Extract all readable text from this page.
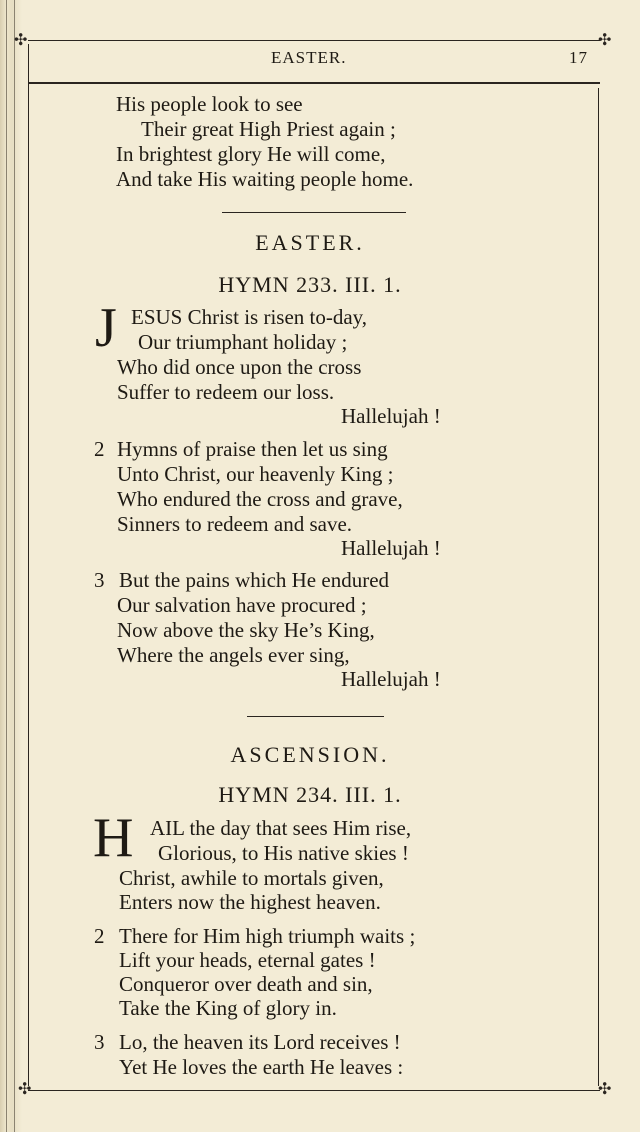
✣	✣
✣	✣
EASTER.	17
His people look to see
Their great High Priest again ;
In brightest glory He will come,
And take His waiting people home.
EASTER.
HYMN 233. III. 1.
J ESUS Christ is risen to-day,
Our triumphant holiday ;
Who did once upon the cross
Suffer to redeem our loss.
Hallelujah !
2 Hymns of praise then let us sing
Unto Christ, our heavenly King ;
Who endured the cross and grave,
Sinners to redeem and save.
Hallelujah !
3 But the pains which He endured
Our salvation have procured ;
Now above the sky He’s King,
Where the angels ever sing,
Hallelujah !
ASCENSION.
HYMN 234. III. 1.
H AIL the day that sees Him rise,
Glorious, to His native skies !
Christ, awhile to mortals given,
Enters now the highest heaven.
2 There for Him high triumph waits ;
Lift your heads, eternal gates !
Conqueror over death and sin,
Take the King of glory in.
3 Lo, the heaven its Lord receives !
Yet He loves the earth He leaves :
